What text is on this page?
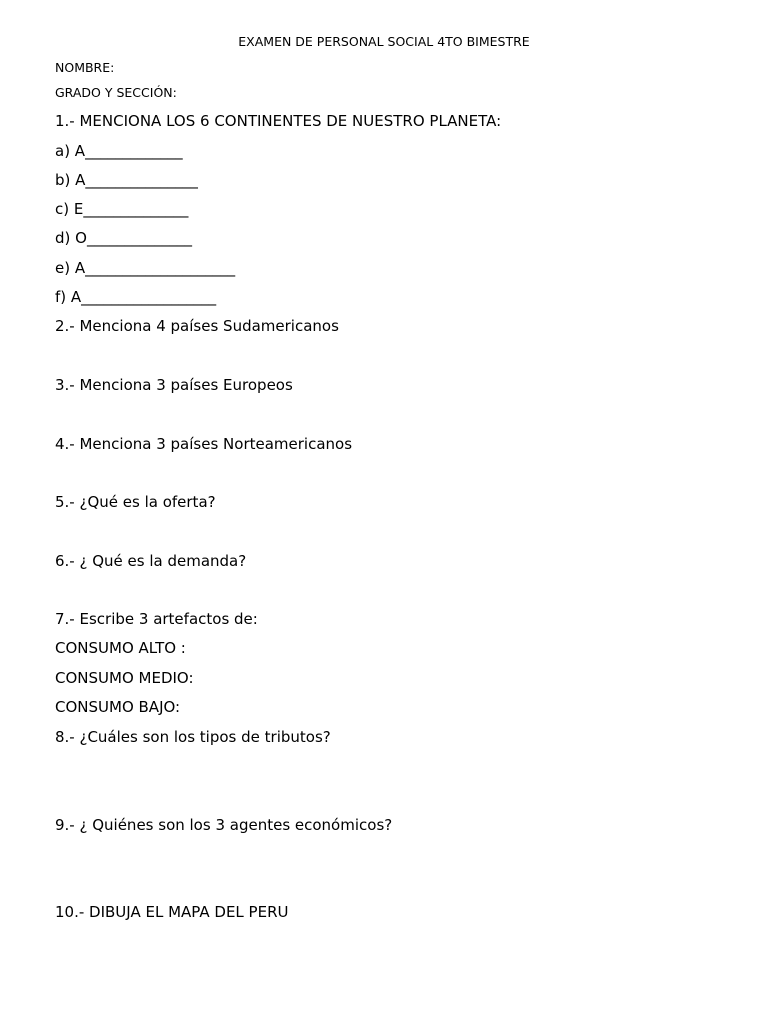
EXAMEN DE PERSONAL SOCIAL 4TO BIMESTRE

NOMBRE:

GRADO Y SECCIÓN:

1.- MENCIONA LOS 6 CONTINENTES DE NUESTRO PLANETA:

a) A_____________

b) A_______________

c) E______________

d) O______________

e) A____________________

f) A__________________

2.- Menciona 4 países Sudamericanos

3.- Menciona 3 países Europeos

4.- Menciona 3 países Norteamericanos

5.- ¿Qué es la oferta?

6.- ¿ Qué es la demanda?

7.- Escribe 3 artefactos de:

CONSUMO ALTO :

CONSUMO MEDIO:

CONSUMO BAJO:

8.- ¿Cuáles son los tipos de tributos?

9.- ¿ Quiénes son los 3 agentes económicos?

10.- DIBUJA EL MAPA DEL PERU
